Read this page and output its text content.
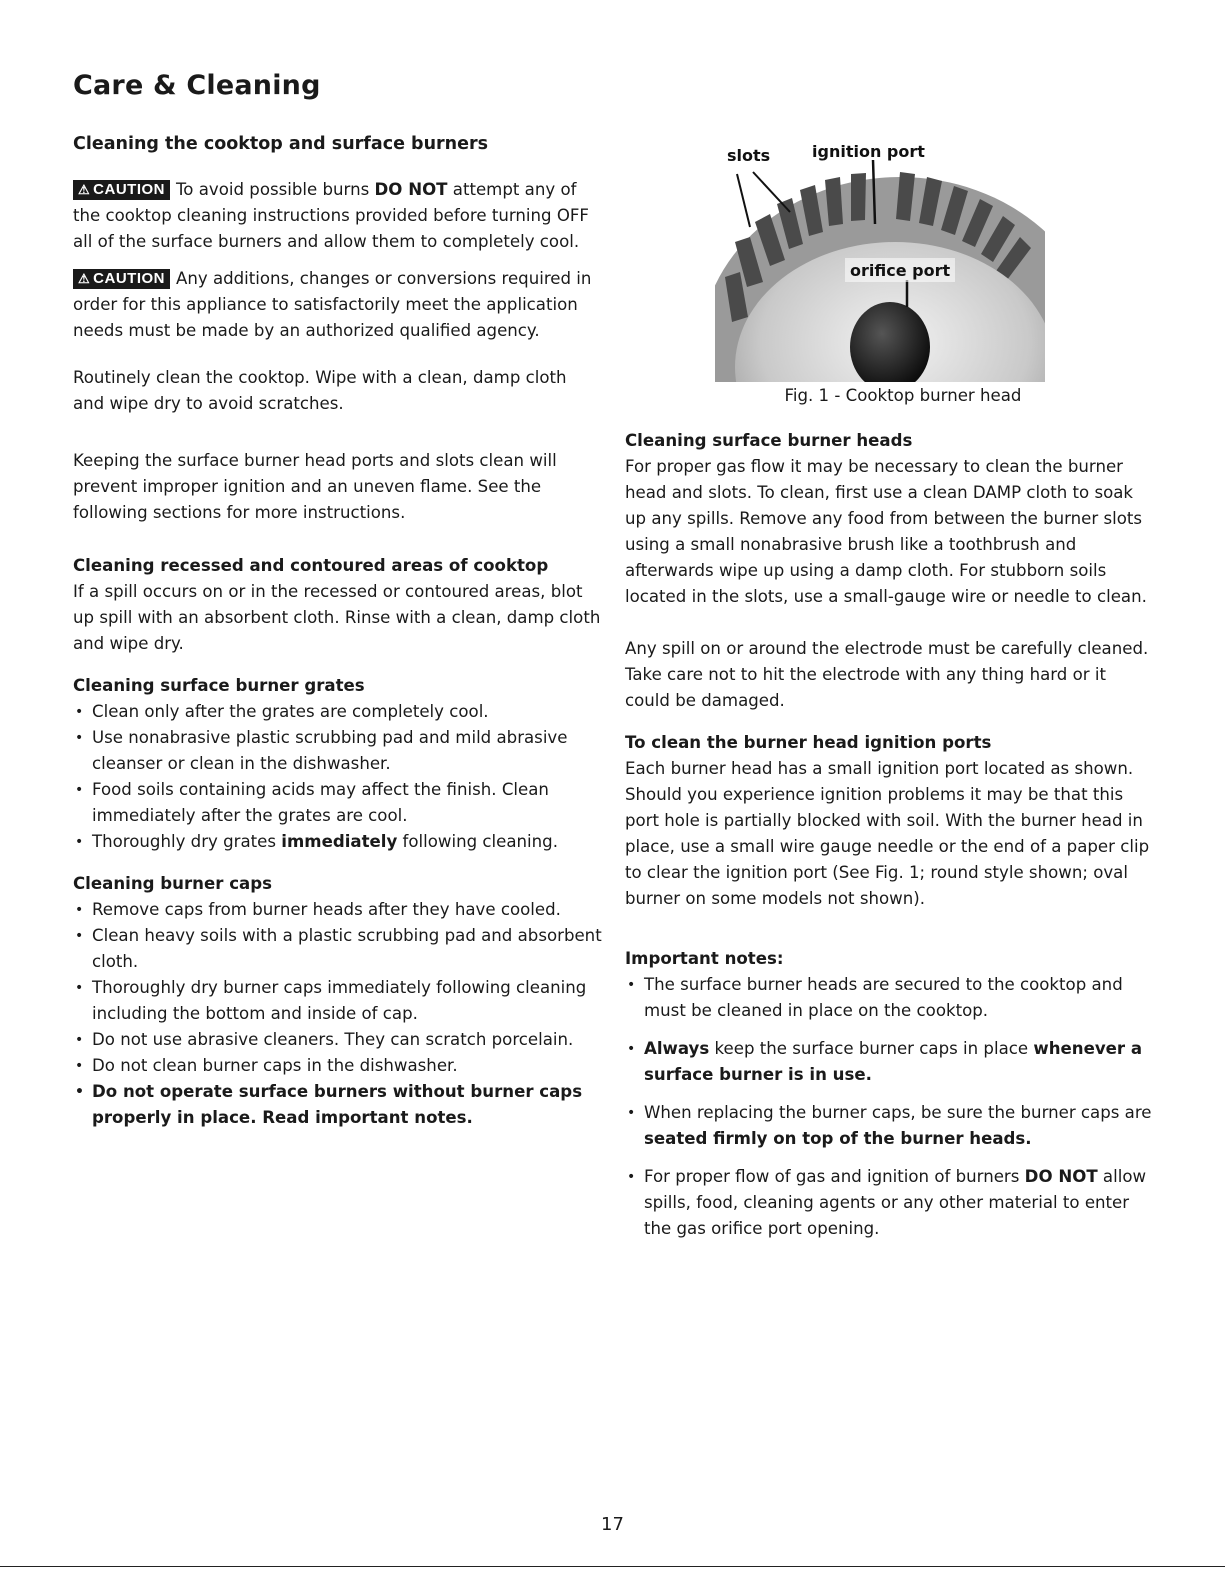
Care & Cleaning
Cleaning the cooktop and surface burners

⚠ CAUTION To avoid possible burns DO NOT attempt any of the cooktop cleaning instructions provided before turning OFF all of the surface burners and allow them to completely cool.

⚠ CAUTION Any additions, changes or conversions required in order for this appliance to satisfactorily meet the application needs must be made by an authorized qualified agency.

Routinely clean the cooktop. Wipe with a clean, damp cloth and wipe dry to avoid scratches.

Keeping the surface burner head ports and slots clean will prevent improper ignition and an uneven flame. See the following sections for more instructions.

Cleaning recessed and contoured areas of cooktop

If a spill occurs on or in the recessed or contoured areas, blot up spill with an absorbent cloth. Rinse with a clean, damp cloth and wipe dry.

Cleaning surface burner grates
• Clean only after the grates are completely cool.
• Use nonabrasive plastic scrubbing pad and mild abrasive cleanser or clean in the dishwasher.
• Food soils containing acids may affect the finish. Clean immediately after the grates are cool.
• Thoroughly dry grates immediately following cleaning.
Cleaning burner caps
• Remove caps from burner heads after they have cooled.
• Clean heavy soils with a plastic scrubbing pad and absorbent cloth.
• Thoroughly dry burner caps immediately following cleaning including the bottom and inside of cap.
• Do not use abrasive cleaners. They can scratch porcelain.
• Do not clean burner caps in the dishwasher.
• Do not operate surface burners without burner caps properly in place. Read important notes.
slots	ignition port
orifice port
Fig. 1 - Cooktop burner head
Cleaning surface burner heads

For proper gas flow it may be necessary to clean the burner head and slots. To clean, first use a clean DAMP cloth to soak up any spills. Remove any food from between the burner slots using a small nonabrasive brush like a toothbrush and afterwards wipe up using a damp cloth. For stubborn soils located in the slots, use a small-gauge wire or needle to clean.

Any spill on or around the electrode must be carefully cleaned. Take care not to hit the electrode with any thing hard or it could be damaged.

To clean the burner head ignition ports

Each burner head has a small ignition port located as shown. Should you experience ignition problems it may be that this port hole is partially blocked with soil. With the burner head in place, use a small wire gauge needle or the end of a paper clip to clear the ignition port (See Fig. 1; round style shown; oval burner on some models not shown).

Important notes:
• The surface burner heads are secured to the cooktop and must be cleaned in place on the cooktop.
• Always keep the surface burner caps in place whenever a surface burner is in use.
• When replacing the burner caps, be sure the burner caps are seated firmly on top of the burner heads.
• For proper flow of gas and ignition of burners DO NOT allow spills, food, cleaning agents or any other material to enter the gas orifice port opening.
17
